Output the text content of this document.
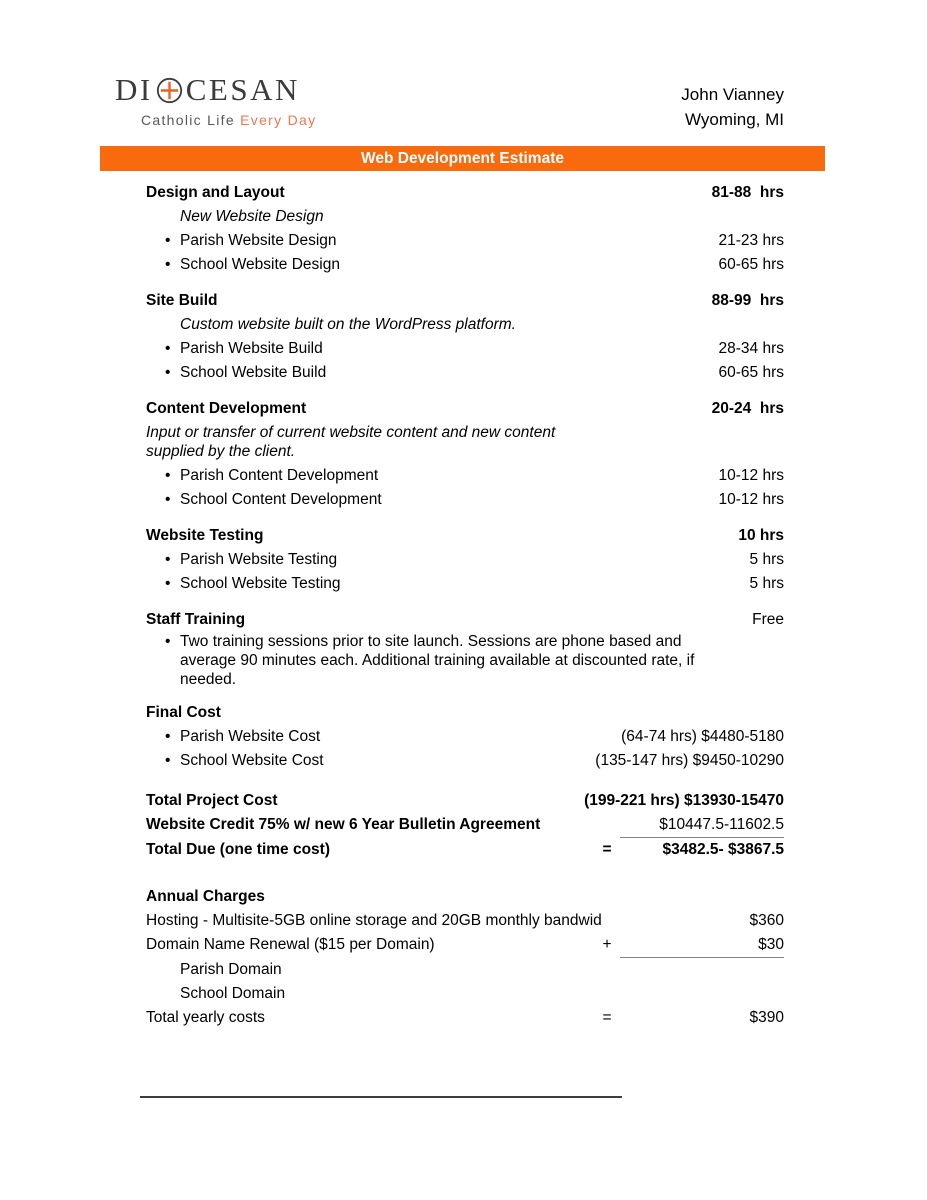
DI CESAN
Catholic Life Every Day
John Vianney
Wyoming, MI
Web Development Estimate
Design and Layout	81-88  hrs
New Website Design
• Parish Website Design	21-23 hrs
• School Website Design	60-65 hrs
Site Build	88-99  hrs
Custom website built on the WordPress platform.
• Parish Website Build	28-34 hrs
• School Website Build	60-65 hrs
Content Development	20-24  hrs
Input or transfer of current website content and new content supplied by the client.
• Parish Content Development	10-12 hrs
• School Content Development	10-12 hrs
Website Testing	10 hrs
• Parish Website Testing	5 hrs
• School Website Testing	5 hrs
Staff Training	Free
• Two training sessions prior to site launch. Sessions are phone based and average 90 minutes each. Additional training available at discounted rate, if needed.
Final Cost
• Parish Website Cost	(64-74 hrs) $4480-5180
• School Website Cost	(135-147 hrs) $9450-10290
Total Project Cost	(199-221 hrs) $13930-15470
Website Credit 75% w/ new 6 Year Bulletin Agreement	$10447.5-11602.5
Total Due (one time cost)	=	$3482.5- $3867.5
Annual Charges
Hosting - Multisite-5GB online storage and 20GB monthly bandwid	$360
Domain Name Renewal ($15 per Domain)	+	$30
Parish Domain
School Domain
Total yearly costs	=	$390
